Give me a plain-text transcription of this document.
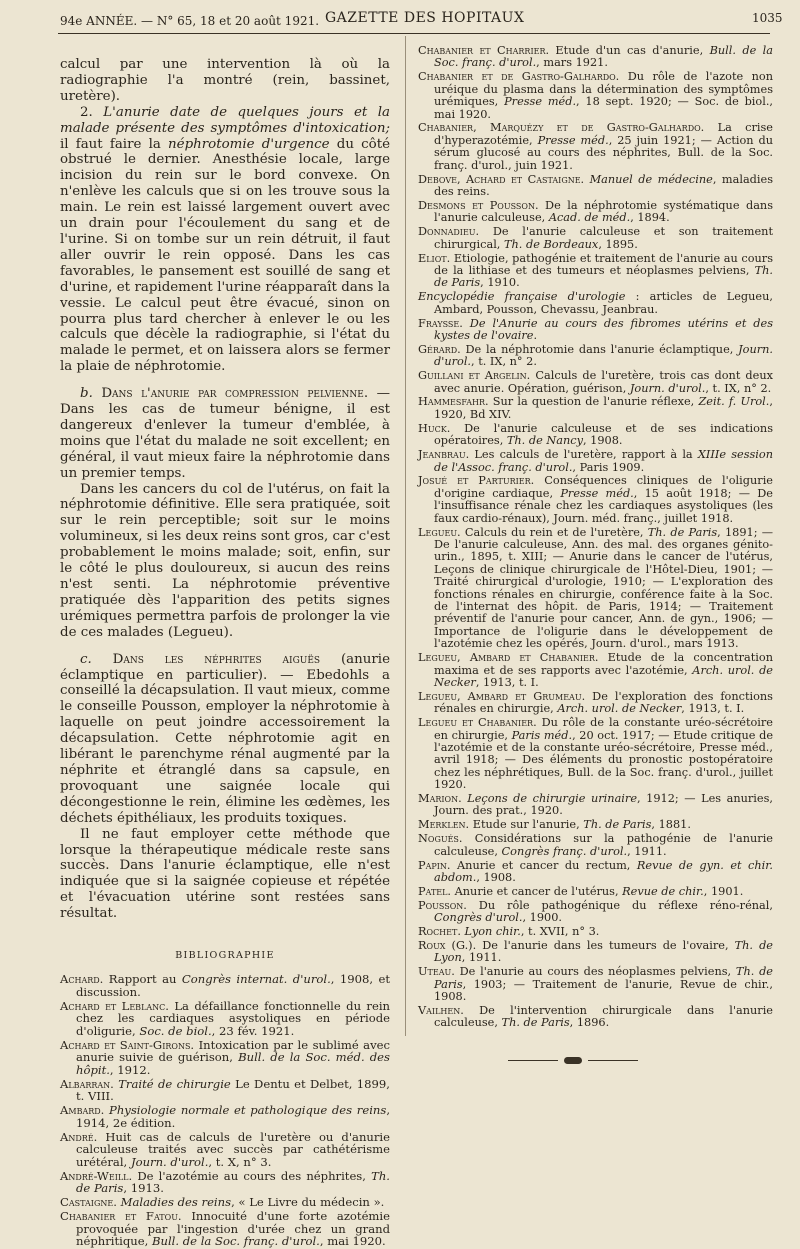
94e ANNÉE. — N° 65, 18 et 20 août 1921. GAZETTE DES HOPITAUX	1035

calcul par une intervention là où la radiographie l'a montré (rein, bassinet, uretère).

2. L'anurie date de quelques jours et la malade présente des symptômes d'intoxication; il faut faire la néphrotomie d'urgence du côté obstrué le dernier. Anesthésie locale, large incision du rein sur le bord convexe. On n'enlève les calculs que si on les trouve sous la main. Le rein est laissé largement ouvert avec un drain pour l'écoulement du sang et de l'urine. Si on tombe sur un rein détruit, il faut aller ouvrir le rein opposé. Dans les cas favorables, le pansement est souillé de sang et d'urine, et rapidement l'urine réapparaît dans la vessie. Le calcul peut être évacué, sinon on pourra plus tard chercher à enlever le ou les calculs que décèle la radiographie, si l'état du malade le permet, et on laissera alors se fermer la plaie de néphrotomie.

b. Dans l'anurie par compression pelvienne. — Dans les cas de tumeur bénigne, il est dangereux d'enlever la tumeur d'emblée, à moins que l'état du malade ne soit excellent; en général, il vaut mieux faire la néphrotomie dans un premier temps.

Dans les cancers du col de l'utérus, on fait la néphrotomie définitive. Elle sera pratiquée, soit sur le rein perceptible; soit sur le moins volumineux, si les deux reins sont gros, car c'est probablement le moins malade; soit, enfin, sur le côté le plus douloureux, si aucun des reins n'est senti. La néphrotomie préventive pratiquée dès l'apparition des petits signes urémiques permettra parfois de prolonger la vie de ces malades (Legueu).

c. Dans les néphrites aiguës (anurie éclamptique en particulier). — Ebedohls a conseillé la décapsulation. Il vaut mieux, comme le conseille Pousson, employer la néphrotomie à laquelle on peut joindre accessoirement la décapsulation. Cette néphrotomie agit en libérant le parenchyme rénal augmenté par la néphrite et étranglé dans sa capsule, en provoquant une saignée locale qui décongestionne le rein, élimine les œdèmes, les déchets épithéliaux, les produits toxiques.

Il ne faut employer cette méthode que lorsque la thérapeutique médicale reste sans succès. Dans l'anurie éclamptique, elle n'est indiquée que si la saignée copieuse et répétée et l'évacuation utérine sont restées sans résultat.

BIBLIOGRAPHIE

Achard. Rapport au Congrès internat. d'urol., 1908, et discussion.

Achard et Leblanc. La défaillance fonctionnelle du rein chez les cardiaques asystoliques en période d'oligurie, Soc. de biol., 23 fév. 1921.

Achard et Saint-Girons. Intoxication par le sublimé avec anurie suivie de guérison, Bull. de la Soc. méd. des hôpit., 1912.

Albarran. Traité de chirurgie Le Dentu et Delbet, 1899, t. VIII.

Ambard. Physiologie normale et pathologique des reins, 1914, 2e édition.

André. Huit cas de calculs de l'uretère ou d'anurie calculeuse traités avec succès par cathétérisme urétéral, Journ. d'urol., t. X, n° 3.

André-Weill. De l'azotémie au cours des néphrites, Th. de Paris, 1913.

Castaigne. Maladies des reins, « Le Livre du médecin ».

Chabanier et Fatou. Innocuité d'une forte azotémie provoquée par l'ingestion d'urée chez un grand néphritique, Bull. de la Soc. franç. d'urol., mai 1920.

Chabanier et Charrier. Etude d'un cas d'anurie, Bull. de la Soc. franç. d'urol., mars 1921.

Chabanier et de Gastro-Galhardo. Du rôle de l'azote non uréique du plasma dans la détermination des symptômes urémiques, Presse méd., 18 sept. 1920; — Soc. de biol., mai 1920.

Chabanier, Marquézy et de Gastro-Galhardo. La crise d'hyperazotémie, Presse méd., 25 juin 1921; — Action du sérum glucosé au cours des néphrites, Bull. de la Soc. franç. d'urol., juin 1921.

Debove, Achard et Castaigne. Manuel de médecine, maladies des reins.

Desmons et Pousson. De la néphrotomie systématique dans l'anurie calculeuse, Acad. de méd., 1894.

Donnadieu. De l'anurie calculeuse et son traitement chirurgical, Th. de Bordeaux, 1895.

Eliot. Etiologie, pathogénie et traitement de l'anurie au cours de la lithiase et des tumeurs et néoplasmes pelviens, Th. de Paris, 1910.

Encyclopédie française d'urologie : articles de Legueu, Ambard, Pousson, Chevassu, Jeanbrau.

Fraysse. De l'Anurie au cours des fibromes utérins et des kystes de l'ovaire.

Gérard. De la néphrotomie dans l'anurie éclamptique, Journ. d'urol., t. IX, n° 2.

Guillani et Argelin. Calculs de l'uretère, trois cas dont deux avec anurie. Opération, guérison, Journ. d'urol., t. IX, n° 2.

Hammesfahr. Sur la question de l'anurie réflexe, Zeit. f. Urol., 1920, Bd XIV.

Huck. De l'anurie calculeuse et de ses indications opératoires, Th. de Nancy, 1908.

Jeanbrau. Les calculs de l'uretère, rapport à la XIIIe session de l'Assoc. franç. d'urol., Paris 1909.

Josué et Parturier. Conséquences cliniques de l'oligurie d'origine cardiaque, Presse méd., 15 août 1918; — De l'insuffisance rénale chez les cardiaques asystoliques (les faux cardio-rénaux), Journ. méd. franç., juillet 1918.

Legueu. Calculs du rein et de l'uretère, Th. de Paris, 1891; — De l'anurie calculeuse, Ann. des mal. des organes génito-urin., 1895, t. XIII; — Anurie dans le cancer de l'utérus, Leçons de clinique chirurgicale de l'Hôtel-Dieu, 1901; — Traité chirurgical d'urologie, 1910; — L'exploration des fonctions rénales en chirurgie, conférence faite à la Soc. de l'internat des hôpit. de Paris, 1914; — Traitement préventif de l'anurie pour cancer, Ann. de gyn., 1906; — Importance de l'oligurie dans le développement de l'azotémie chez les opérés, Journ. d'urol., mars 1913.

Legueu, Ambard et Chabanier. Etude de la concentration maxima et de ses rapports avec l'azotémie, Arch. urol. de Necker, 1913, t. I.

Legueu, Ambard et Grumeau. De l'exploration des fonctions rénales en chirurgie, Arch. urol. de Necker, 1913, t. I.

Legueu et Chabanier. Du rôle de la constante uréo-sécrétoire en chirurgie, Paris méd., 20 oct. 1917; — Etude critique de l'azotémie et de la constante uréo-sécrétoire, Presse méd., avril 1918; — Des éléments du pronostic postopératoire chez les néphrétiques, Bull. de la Soc. franç. d'urol., juillet 1920.

Marion. Leçons de chirurgie urinaire, 1912; — Les anuries, Journ. des prat., 1920.

Merklen. Etude sur l'anurie, Th. de Paris, 1881.

Nogués. Considérations sur la pathogénie de l'anurie calculeuse, Congrès franç. d'urol., 1911.

Papin. Anurie et cancer du rectum, Revue de gyn. et chir. abdom., 1908.

Patel. Anurie et cancer de l'utérus, Revue de chir., 1901.

Pousson. Du rôle pathogénique du réflexe réno-rénal, Congrès d'urol., 1900.

Rochet. Lyon chir., t. XVII, n° 3.

Roux (G.). De l'anurie dans les tumeurs de l'ovaire, Th. de Lyon, 1911.

Uteau. De l'anurie au cours des néoplasmes pelviens, Th. de Paris, 1903; — Traitement de l'anurie, Revue de chir., 1908.

Vailhen. De l'intervention chirurgicale dans l'anurie calculeuse, Th. de Paris, 1896.
